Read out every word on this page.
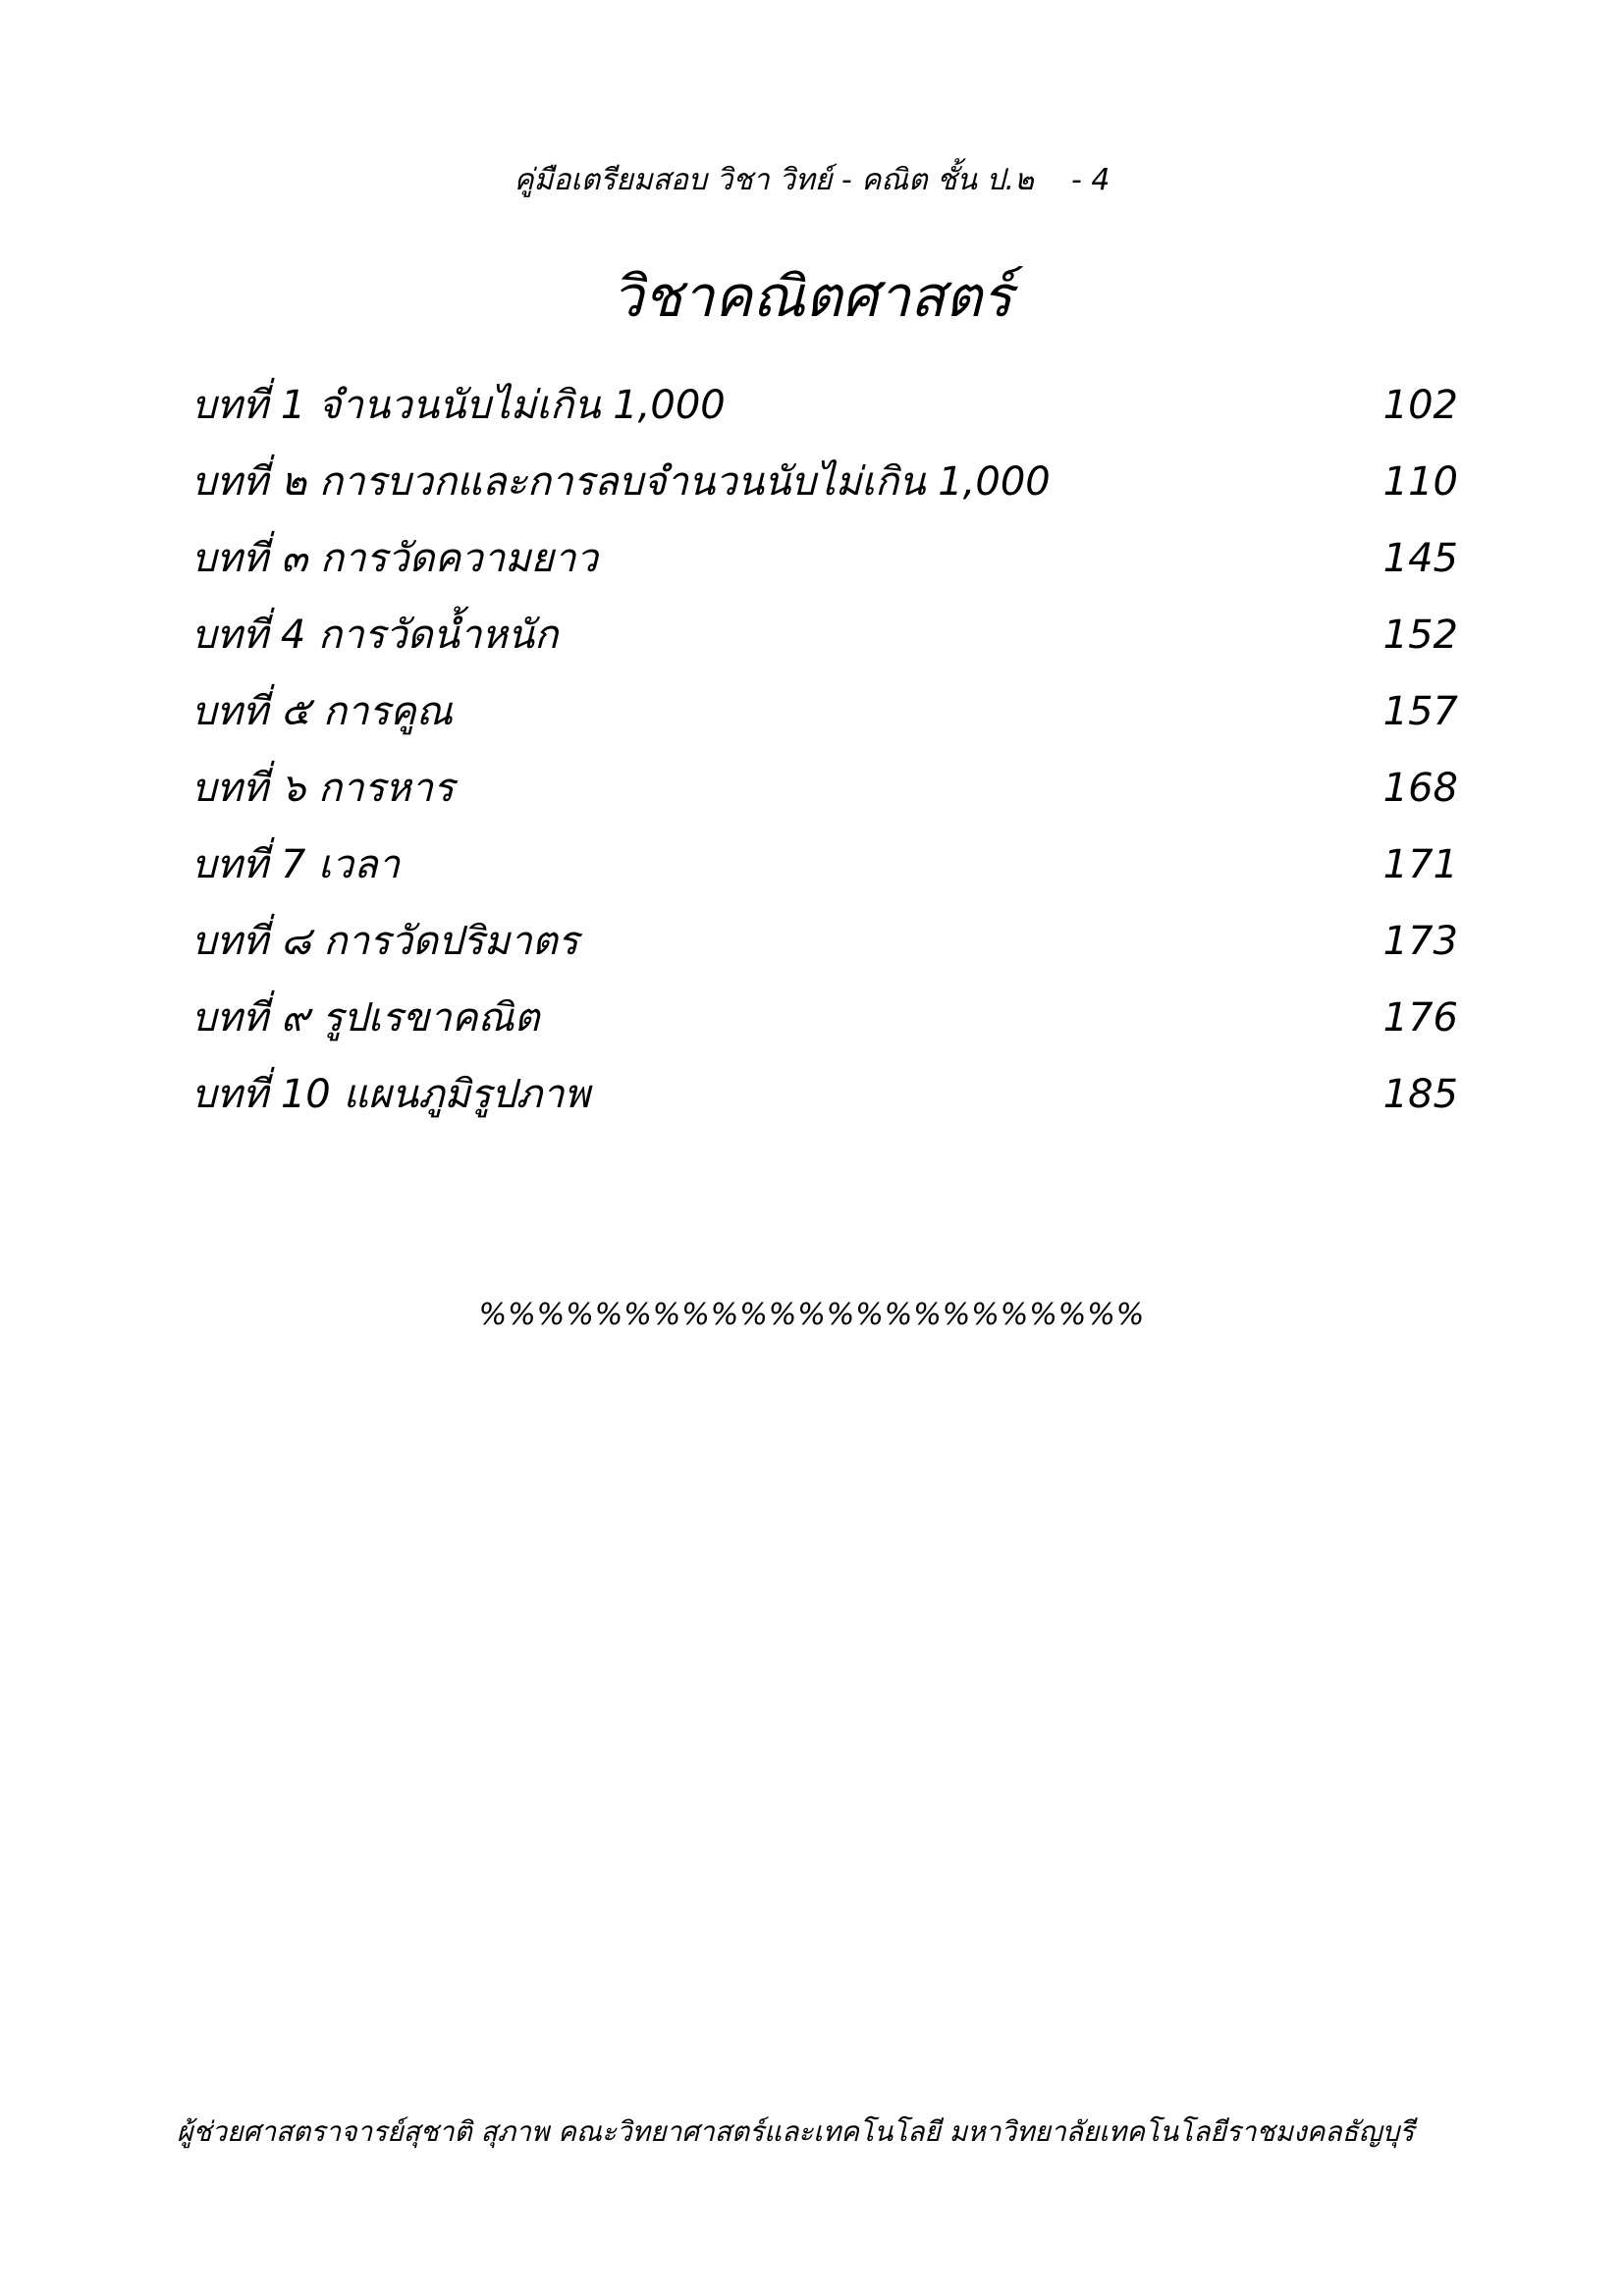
คู่มือเตรียมสอบ วิชา วิทย์ - คณิต ชั้น ป.๒    - 4
วิชาคณิตศาสตร์
บทที่ 1 จำนวนนับไม่เกิน 1,000	102
บทที่ ๒ การบวกและการลบจำนวนนับไม่เกิน 1,000	110
บทที่ ๓ การวัดความยาว	145
บทที่ 4 การวัดน้ำหนัก	152
บทที่ ๕ การคูณ	157
บทที่ ๖ การหาร	168
บทที่ 7 เวลา	171
บทที่ ๘ การวัดปริมาตร	173
บทที่ ๙ รูปเรขาคณิต	176
บทที่ 10 แผนภูมิรูปภาพ	185
%%%%%%%%%%%%%%%%%%%%%%%
ผู้ช่วยศาสตราจารย์สุชาติ สุภาพ คณะวิทยาศาสตร์และเทคโนโลยี มหาวิทยาลัยเทคโนโลยีราชมงคลธัญบุรี
